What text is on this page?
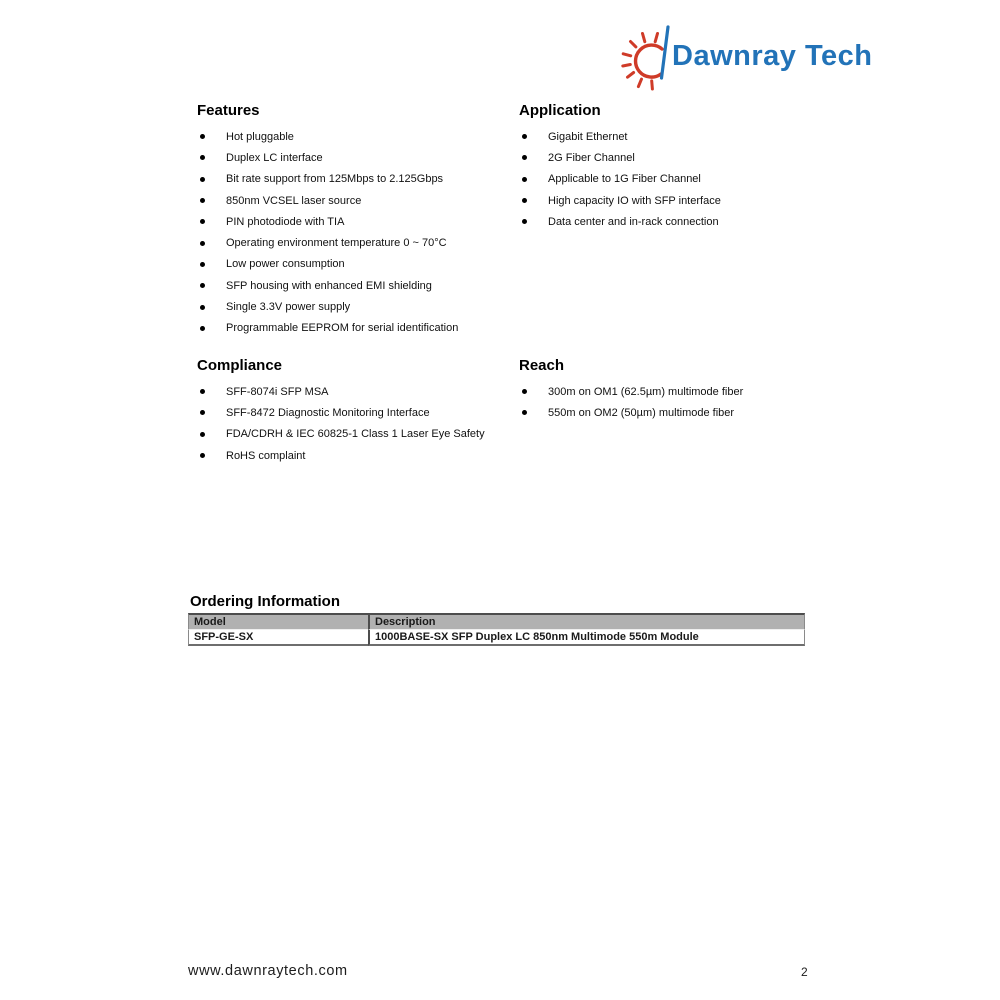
Dawnray Tech
Features
Hot pluggable
Duplex LC interface
Bit rate support from 125Mbps to 2.125Gbps
850nm VCSEL laser source
PIN photodiode with TIA
Operating environment temperature 0 ~ 70°C
Low power consumption
SFP housing with enhanced EMI shielding
Single 3.3V power supply
Programmable EEPROM for serial identification
Application
Gigabit Ethernet
2G Fiber Channel
Applicable to 1G Fiber Channel
High capacity IO with SFP interface
Data center and in-rack connection
Compliance
SFF-8074i SFP MSA
SFF-8472 Diagnostic Monitoring Interface
FDA/CDRH & IEC 60825-1 Class 1 Laser Eye Safety
RoHS complaint
Reach
300m on OM1 (62.5µm) multimode fiber
550m on OM2 (50µm) multimode fiber
Ordering Information
Model	Description
SFP-GE-SX	1000BASE-SX SFP Duplex LC 850nm Multimode 550m Module
www.dawnraytech.com	2
